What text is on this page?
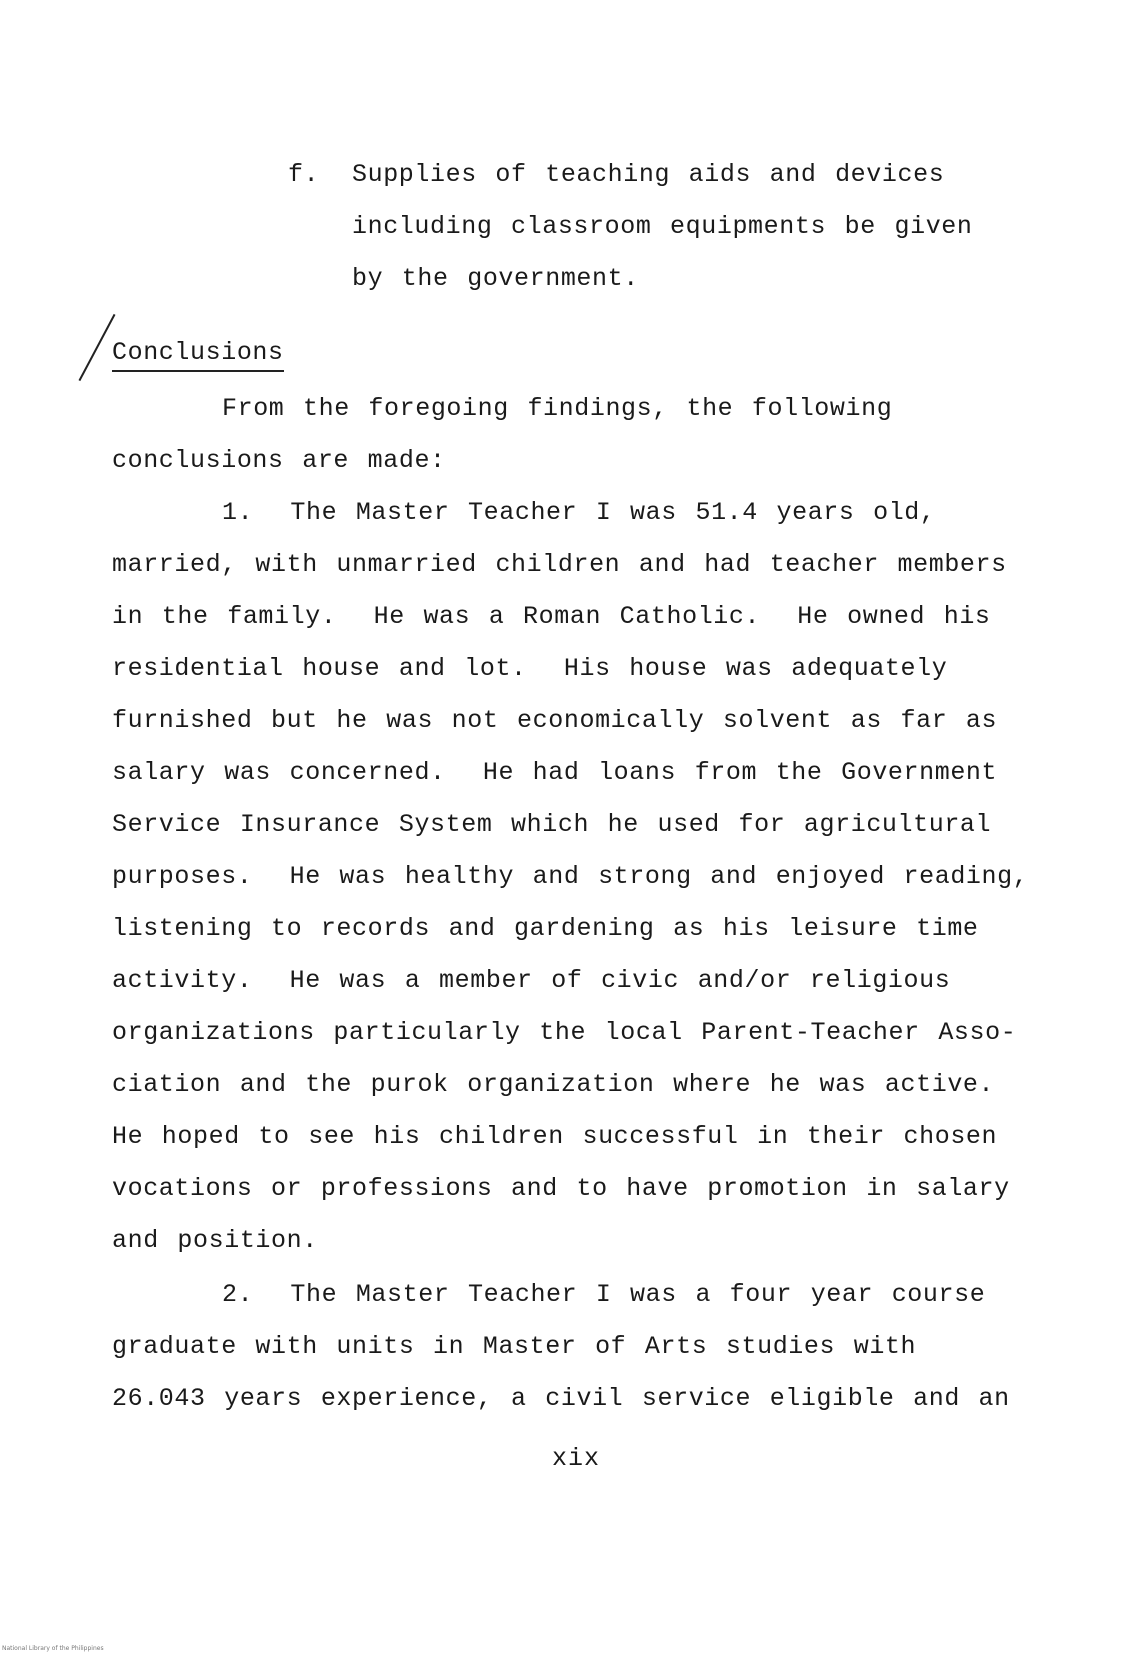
f. Supplies of teaching aids and devices
including classroom equipments be given
by the government.
Conclusions
From the foregoing findings, the following
conclusions are made:
1.  The Master Teacher I was 51.4 years old,
married, with unmarried children and had teacher members
in the family.  He was a Roman Catholic.  He owned his
residential house and lot.  His house was adequately
furnished but he was not economically solvent as far as
salary was concerned.  He had loans from the Government
Service Insurance System which he used for agricultural
purposes.  He was healthy and strong and enjoyed reading,
listening to records and gardening as his leisure time
activity.  He was a member of civic and/or religious
organizations particularly the local Parent-Teacher Asso-
ciation and the purok organization where he was active.
He hoped to see his children successful in their chosen
vocations or professions and to have promotion in salary
and position.
2.  The Master Teacher I was a four year course
graduate with units in Master of Arts studies with
26.043 years experience, a civil service eligible and an
xix
National Library of the Philippines
